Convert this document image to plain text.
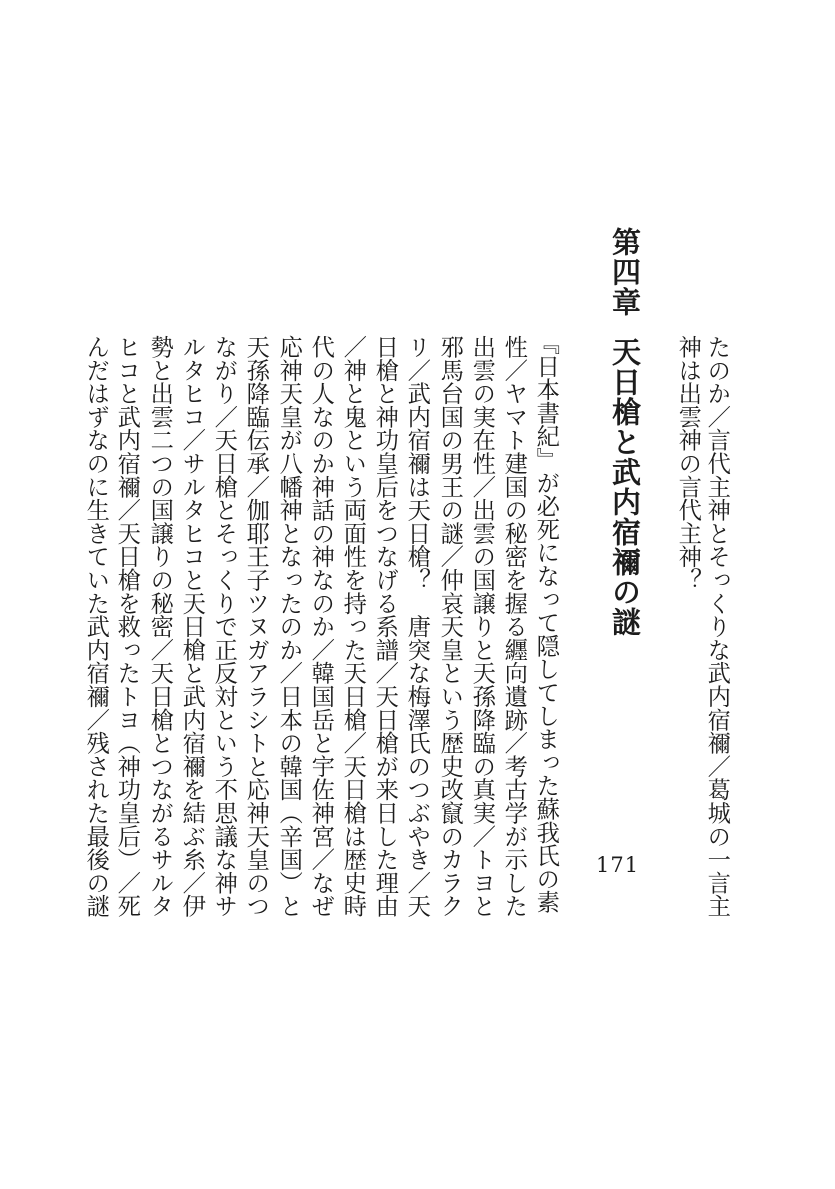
たのか／言代主神とそっくりな武内宿禰／葛城の一言主
神は出雲神の言代主神？
第四章天日槍と武内宿禰の謎
171
『日本書紀』が必死になって隠してしまった蘇我氏の素
性／ヤマト建国の秘密を握る纒向遺跡／考古学が示した
出雲の実在性／出雲の国譲りと天孫降臨の真実／トヨと
邪馬台国の男王の謎／仲哀天皇という歴史改竄のカラク
リ／武内宿禰は天日槍？　唐突な梅澤氏のつぶやき／天
日槍と神功皇后をつなげる系譜／天日槍が来日した理由
／神と鬼という両面性を持った天日槍／天日槍は歴史時
代の人なのか神話の神なのか／韓国岳と宇佐神宮／なぜ
応神天皇が八幡神となったのか／日本の韓国（辛国）と
天孫降臨伝承／伽耶王子ツヌガアラシトと応神天皇のつ
ながり／天日槍とそっくりで正反対という不思議な神サ
ルタヒコ／サルタヒコと天日槍と武内宿禰を結ぶ糸／伊
勢と出雲二つの国譲りの秘密／天日槍とつながるサルタ
ヒコと武内宿禰／天日槍を救ったトヨ（神功皇后）／死
んだはずなのに生きていた武内宿禰／残された最後の謎
